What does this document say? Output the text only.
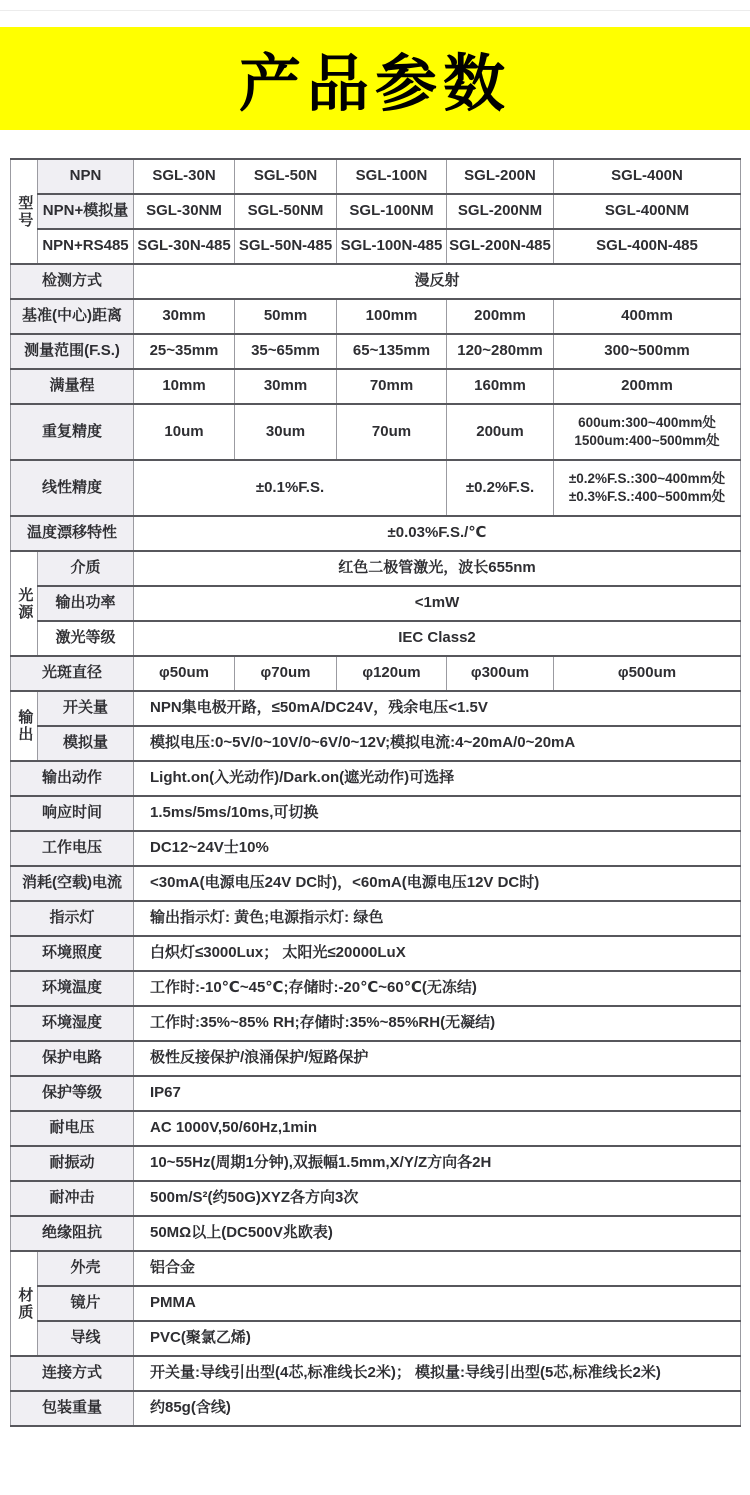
产品参数
型号	NPN	SGL-30N	SGL-50N	SGL-100N	SGL-200N	SGL-400N
	NPN+模拟量	SGL-30NM	SGL-50NM	SGL-100NM	SGL-200NM	SGL-400NM
	NPN+RS485	SGL-30N-485	SGL-50N-485	SGL-100N-485	SGL-200N-485	SGL-400N-485
检测方式		漫反射				
基准(中心)距离		30mm	50mm	100mm	200mm	400mm
测量范围(F.S.)		25~35mm	35~65mm	65~135mm	120~280mm	300~500mm
满量程		10mm	30mm	70mm	160mm	200mm
重复精度		10um	30um	70um	200um	600um:300~400mm处
1500um:400~500mm处

线性精度		±0.1%F.S.			±0.2%F.S.	±0.2%F.S.:300~400mm处
±0.3%F.S.:400~500mm处

温度漂移特性		±0.03%F.S./℃				
光源	介质	红色二极管激光，波长655nm				
	输出功率	<1mW				
	激光等级	IEC Class2				
光斑直径		φ50um	φ70um	φ120um	φ300um	φ500um
输出	开关量	NPN集电极开路，≤50mA/DC24V，残余电压<1.5V				
	模拟量	模拟电压:0~5V/0~10V/0~6V/0~12V;模拟电流:4~20mA/0~20mA				
输出动作		Light.on(入光动作)/Dark.on(遮光动作)可选择				
响应时间		1.5ms/5ms/10ms,可切换				
工作电压		DC12~24V士10%				
消耗(空载)电流		<30mA(电源电压24V DC时)，<60mA(电源电压12V DC时)				
指示灯		输出指示灯: 黄色;电源指示灯: 绿色				
环境照度		白炽灯≤3000Lux； 太阳光≤20000LuX				
环境温度		工作时:-10℃~45℃;存储时:-20℃~60℃(无冻结)				
环境湿度		工作时:35%~85% RH;存储时:35%~85%RH(无凝结)				
保护电路		极性反接保护/浪涌保护/短路保护				
保护等级		IP67				
耐电压		AC 1000V,50/60Hz,1min				
耐振动		10~55Hz(周期1分钟),双振幅1.5mm,X/Y/Z方向各2H				
耐冲击		500m/S²(约50G)XYZ各方向3次				
绝缘阻抗		50MΩ以上(DC500V兆欧表)				
材质	外壳	铝合金				
	镜片	PMMA				
	导线	PVC(聚氯乙烯)				
连接方式		开关量:导线引出型(4芯,标准线长2米)； 模拟量:导线引出型(5芯,标准线长2米)				
包装重量		约85g(含线)				
